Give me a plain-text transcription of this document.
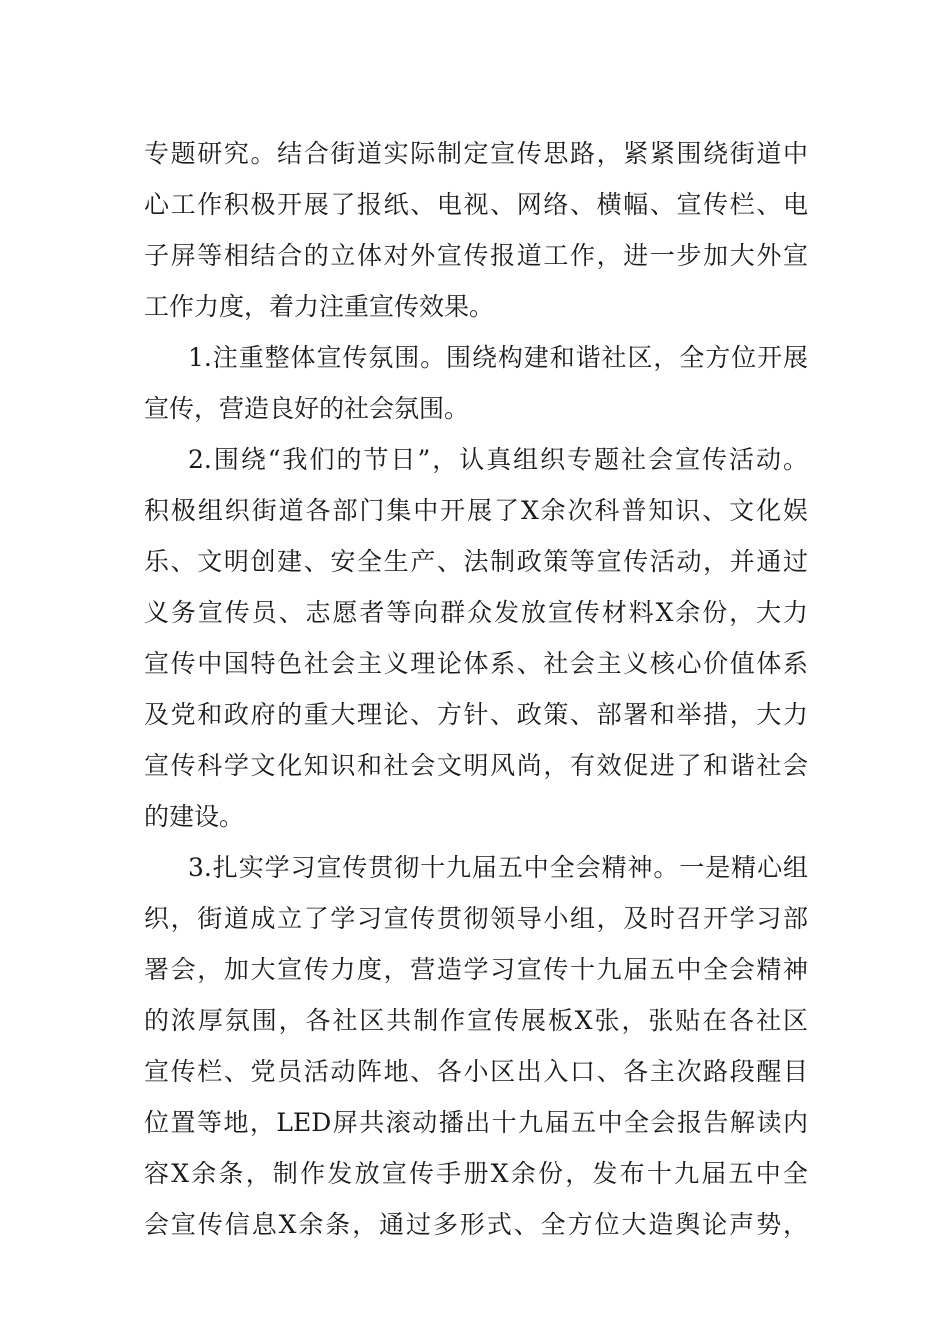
专题研究。结合街道实际制定宣传思路，紧紧围绕街道中
心工作积极开展了报纸、电视、网络、横幅、宣传栏、电
子屏等相结合的立体对外宣传报道工作，进一步加大外宣
工作力度，着力注重宣传效果。
1.注重整体宣传氛围。围绕构建和谐社区，全方位开展
宣传，营造良好的社会氛围。
2.围绕“我们的节日”，认真组织专题社会宣传活动。
积极组织街道各部门集中开展了X余次科普知识、文化娱
乐、文明创建、安全生产、法制政策等宣传活动，并通过
义务宣传员、志愿者等向群众发放宣传材料X余份，大力
宣传中国特色社会主义理论体系、社会主义核心价值体系
及党和政府的重大理论、方针、政策、部署和举措，大力
宣传科学文化知识和社会文明风尚，有效促进了和谐社会
的建设。
3.扎实学习宣传贯彻十九届五中全会精神。一是精心组
织，街道成立了学习宣传贯彻领导小组，及时召开学习部
署会，加大宣传力度，营造学习宣传十九届五中全会精神
的浓厚氛围，各社区共制作宣传展板X张，张贴在各社区
宣传栏、党员活动阵地、各小区出入口、各主次路段醒目
位置等地，LED屏共滚动播出十九届五中全会报告解读内
容X余条，制作发放宣传手册X余份，发布十九届五中全
会宣传信息X余条，通过多形式、全方位大造舆论声势，
